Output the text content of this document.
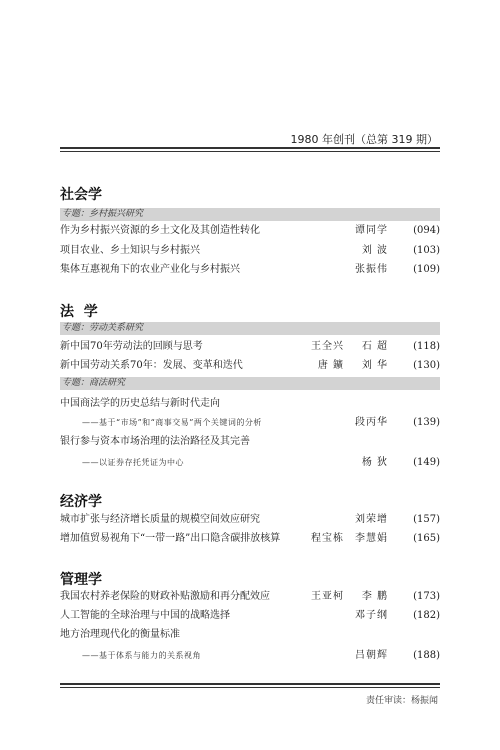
1980 年创刊（总第 319 期）
社会学
专题：乡村振兴研究
作为乡村振兴资源的乡土文化及其创造性转化	谭同学	(094)
项目农业、乡土知识与乡村振兴	刘 波	(103)
集体互惠视角下的农业产业化与乡村振兴	张振伟	(109)
法  学
专题：劳动关系研究
新中国70年劳动法的回顾与思考	王全兴 石 超	(118)
新中国劳动关系70年：发展、变革和迭代	唐 鑛 刘 华	(130)
专题：商法研究
中国商法学的历史总结与新时代走向
——基于“市场”和“商事交易”两个关键词的分析	段丙华	(139)
银行参与资本市场治理的法治路径及其完善
——以证券存托凭证为中心	杨 狄	(149)
经济学
城市扩张与经济增长质量的规模空间效应研究	刘荣增	(157)
增加值贸易视角下“一带一路”出口隐含碳排放核算	程宝栋 李慧娟	(165)
管理学
我国农村养老保险的财政补贴激励和再分配效应	王亚柯 李 鹏	(173)
人工智能的全球治理与中国的战略选择	邓子纲	(182)
地方治理现代化的衡量标准
——基于体系与能力的关系视角	吕朝辉	(188)
责任审读：杨振闻
